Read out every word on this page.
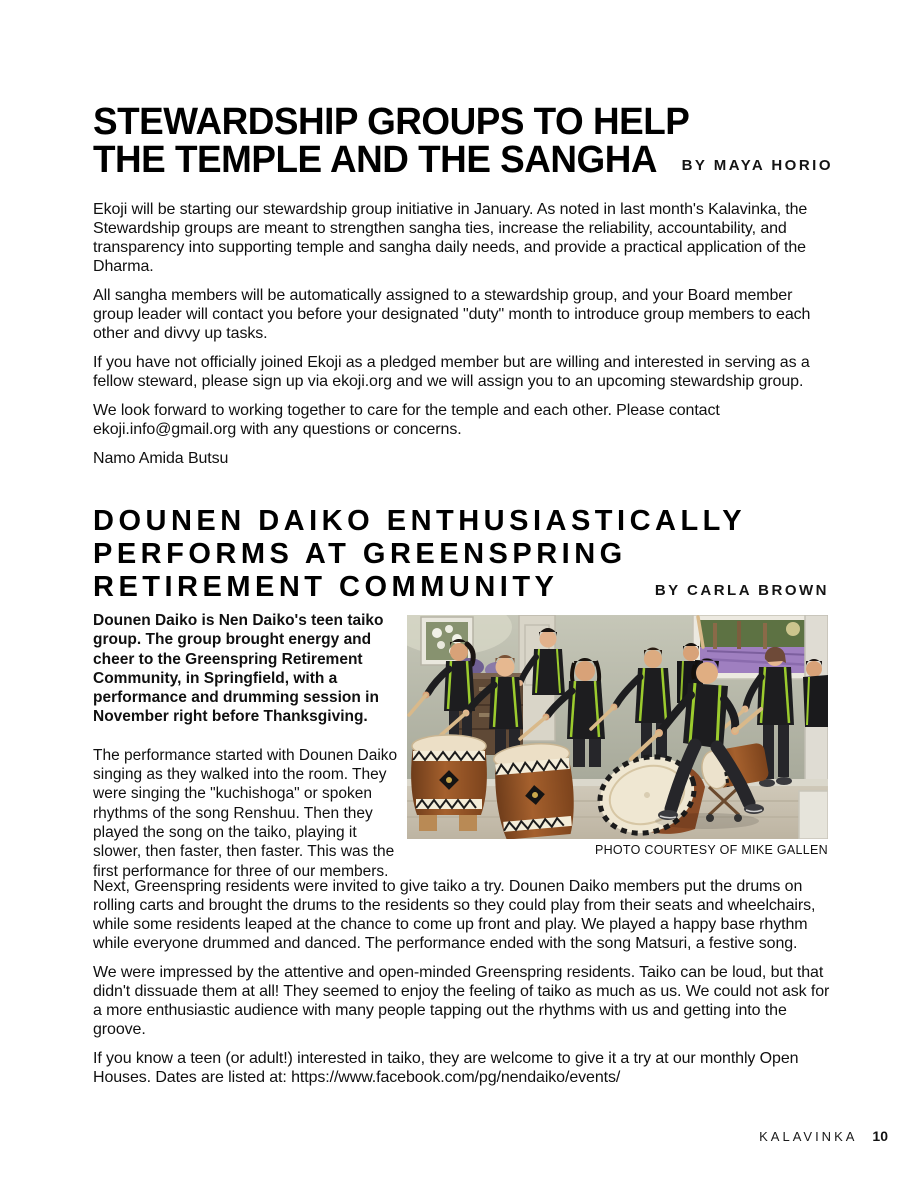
STEWARDSHIP GROUPS TO HELP
THE TEMPLE AND THE SANGHA	BY MAYA HORIO

Ekoji will be starting our stewardship group initiative in January. As noted in last month's Kalavinka, the Stewardship groups are meant to strengthen sangha ties, increase the reliability, accountability, and transparency into supporting temple and sangha daily needs, and provide a practical application of the Dharma.

All sangha members will be automatically assigned to a stewardship group, and your Board member group leader will contact you before your designated "duty" month to introduce group members to each other and divvy up tasks.

If you have not officially joined Ekoji as a pledged member but are willing and interested in serving as a fellow steward, please sign up via ekoji.org and we will assign you to an upcoming stewardship group.

We look forward to working together to care for the temple and each other. Please contact ekoji.info@gmail.org with any questions or concerns.

Namo Amida Butsu

DOUNEN DAIKO ENTHUSIASTICALLY
PERFORMS AT GREENSPRING
RETIREMENT COMMUNITY	BY CARLA BROWN

Dounen Daiko is Nen Daiko's teen taiko group. The group brought energy and cheer to the Greenspring Retirement Community, in Springfield, with a performance and drumming session in November right before Thanksgiving.

The performance started with Dounen Daiko singing as they walked into the room. They were singing the "kuchishoga" or spoken rhythms of the song Renshuu. Then they played the song on the taiko, playing it slower, then faster, then faster. This was the first performance for three of our members.

PHOTO COURTESY OF MIKE GALLEN

Next, Greenspring residents were invited to give taiko a try. Dounen Daiko members put the drums on rolling carts and brought the drums to the residents so they could play from their seats and wheelchairs, while some residents leaped at the chance to come up front and play. We played a happy base rhythm while everyone drummed and danced. The performance ended with the song Matsuri, a festive song.

We were impressed by the attentive and open-minded Greenspring residents. Taiko can be loud, but that didn't dissuade them at all! They seemed to enjoy the feeling of taiko as much as us. We could not ask for a more enthusiastic audience with many people tapping out the rhythms with us and getting into the groove.

If you know a teen (or adult!) interested in taiko, they are welcome to give it a try at our monthly Open Houses. Dates are listed at: https://www.facebook.com/pg/nendaiko/events/

KALAVINKA 10
